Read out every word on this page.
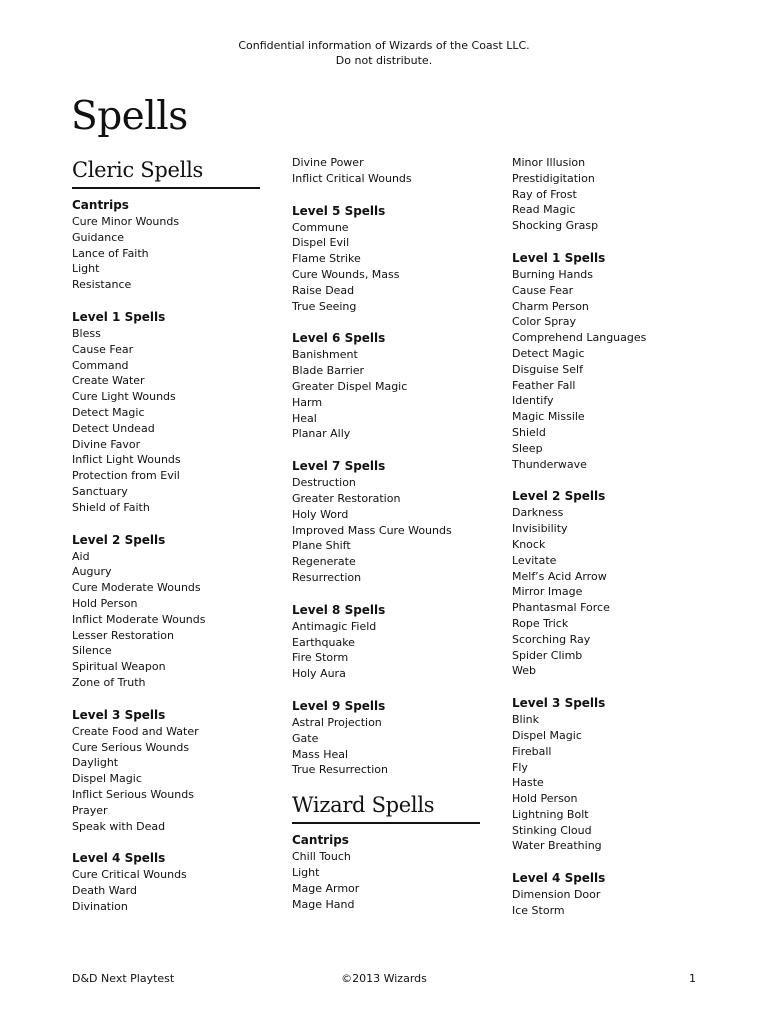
Confidential information of Wizards of the Coast LLC.
Do not distribute.
Spells
Cleric Spells
Cantrips
Cure Minor Wounds
Guidance
Lance of Faith
Light
Resistance
Level 1 Spells
Bless
Cause Fear
Command
Create Water
Cure Light Wounds
Detect Magic
Detect Undead
Divine Favor
Inflict Light Wounds
Protection from Evil
Sanctuary
Shield of Faith
Level 2 Spells
Aid
Augury
Cure Moderate Wounds
Hold Person
Inflict Moderate Wounds
Lesser Restoration
Silence
Spiritual Weapon
Zone of Truth
Level 3 Spells
Create Food and Water
Cure Serious Wounds
Daylight
Dispel Magic
Inflict Serious Wounds
Prayer
Speak with Dead
Level 4 Spells
Cure Critical Wounds
Death Ward
Divination
Divine Power
Inflict Critical Wounds
Level 5 Spells
Commune
Dispel Evil
Flame Strike
Cure Wounds, Mass
Raise Dead
True Seeing
Level 6 Spells
Banishment
Blade Barrier
Greater Dispel Magic
Harm
Heal
Planar Ally
Level 7 Spells
Destruction
Greater Restoration
Holy Word
Improved Mass Cure Wounds
Plane Shift
Regenerate
Resurrection
Level 8 Spells
Antimagic Field
Earthquake
Fire Storm
Holy Aura
Level 9 Spells
Astral Projection
Gate
Mass Heal
True Resurrection
Wizard Spells
Cantrips
Chill Touch
Light
Mage Armor
Mage Hand
Minor Illusion
Prestidigitation
Ray of Frost
Read Magic
Shocking Grasp
Level 1 Spells
Burning Hands
Cause Fear
Charm Person
Color Spray
Comprehend Languages
Detect Magic
Disguise Self
Feather Fall
Identify
Magic Missile
Shield
Sleep
Thunderwave
Level 2 Spells
Darkness
Invisibility
Knock
Levitate
Melf’s Acid Arrow
Mirror Image
Phantasmal Force
Rope Trick
Scorching Ray
Spider Climb
Web
Level 3 Spells
Blink
Dispel Magic
Fireball
Fly
Haste
Hold Person
Lightning Bolt
Stinking Cloud
Water Breathing
Level 4 Spells
Dimension Door
Ice Storm
D&D Next Playtest	©2013 Wizards	1
